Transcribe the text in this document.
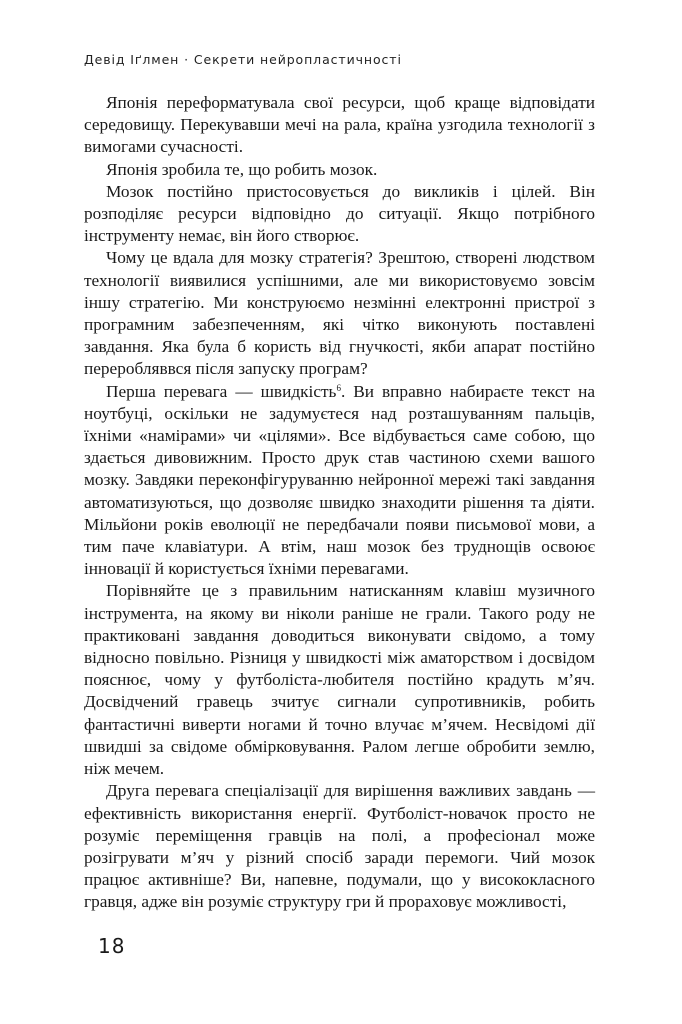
Девід Іґлмен · Секрети нейропластичності

Японія переформатувала свої ресурси, щоб краще відповідати середовищу. Перекувавши мечі на рала, країна узгодила технології з вимогами сучасності.

Японія зробила те, що робить мозок.

Мозок постійно пристосовується до викликів і цілей. Він розподіляє ресурси відповідно до ситуації. Якщо потрібного інструменту немає, він його створює.

Чому це вдала для мозку стратегія? Зрештою, створені людством технології виявилися успішними, але ми використовуємо зовсім іншу стратегію. Ми конструюємо незмінні електронні пристрої з програмним забезпеченням, які чітко виконують поставлені завдання. Яка була б користь від гнучкості, якби апарат постійно переробляввся після запуску програм?

Перша перевага — швидкість$^6$. Ви вправно набираєте текст на ноутбуці, оскільки не задумуєтеся над розташуванням пальців, їхніми «намірами» чи «цілями». Все відбувається саме собою, що здається дивовижним. Просто друк став частиною схеми вашого мозку. Завдяки переконфігуруванню нейронної мережі такі завдання автоматизуються, що дозволяє швидко знаходити рішення та діяти. Мільйони років еволюції не передбачали появи письмової мови, а тим паче клавіатури. А втім, наш мозок без труднощів освоює інновації й користується їхніми перевагами.

Порівняйте це з правильним натисканням клавіш музичного інструмента, на якому ви ніколи раніше не грали. Такого роду не практиковані завдання доводиться виконувати свідомо, а тому відносно повільно. Різниця у швидкості між аматорством і досвідом пояснює, чому у футболіста-любителя постійно крадуть м’яч. Досвідчений гравець зчитує сигнали супротивників, робить фантастичні виверти ногами й точно влучає м’ячем. Несвідомі дії швидші за свідоме обмірковування. Ралом легше обробити землю, ніж мечем.

Друга перевага спеціалізації для вирішення важливих завдань — ефективність використання енергії. Футболіст-новачок просто не розуміє переміщення гравців на полі, а професіонал може розігрувати м’яч у різний спосіб заради перемоги. Чий мозок працює активніше? Ви, напевне, подумали, що у висококласного гравця, адже він розуміє структуру гри й прораховує можливості,

18
